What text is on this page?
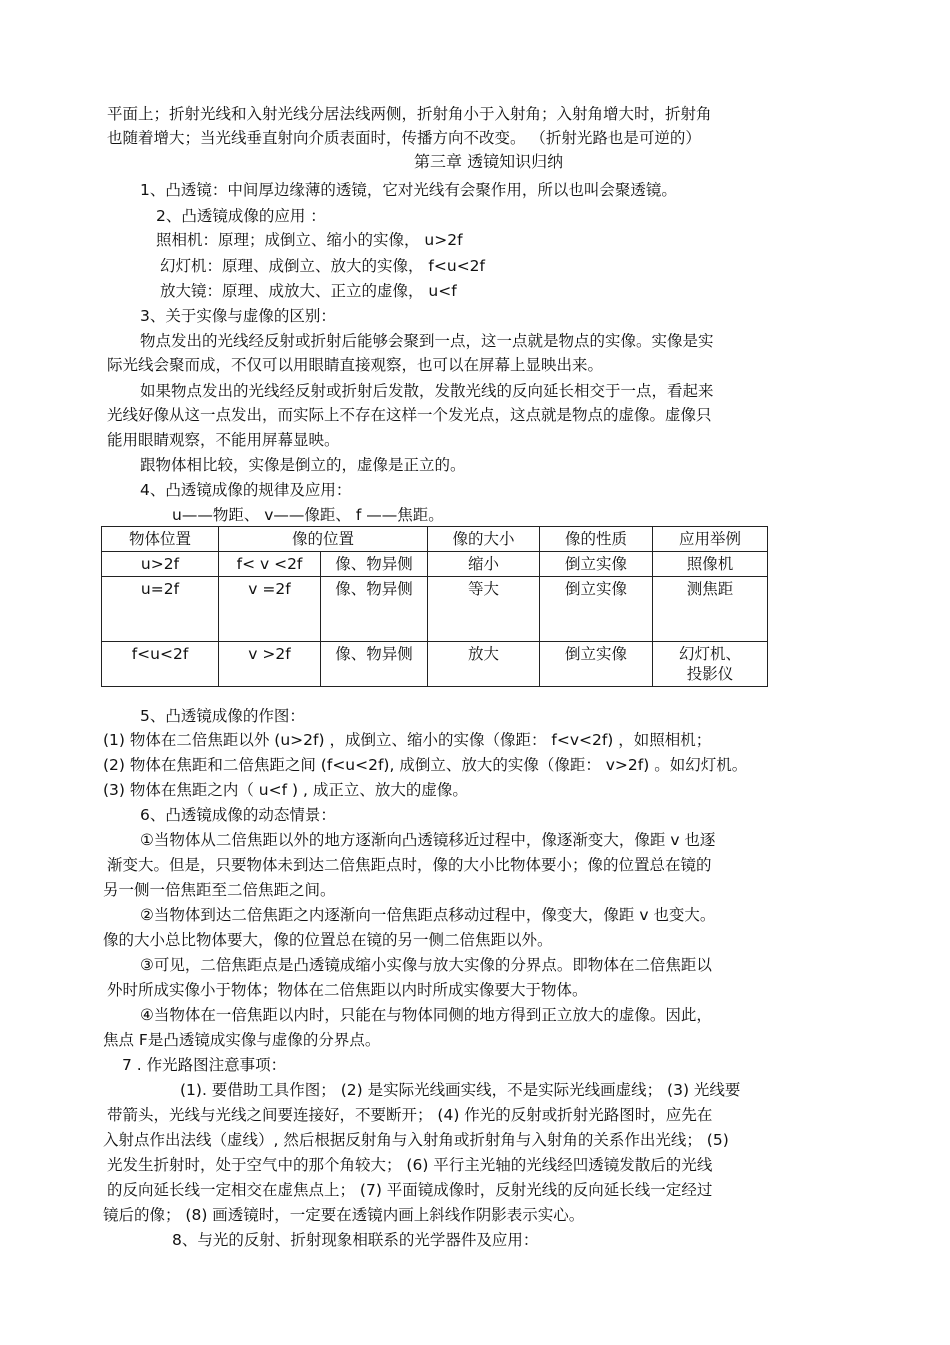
平面上；折射光线和入射光线分居法线两侧，折射角小于入射角；入射角增大时，折射角
也随着增大；当光线垂直射向介质表面时，传播方向不改变。 （折射光路也是可逆的）
第三章 透镜知识归纳
1、凸透镜：中间厚边缘薄的透镜，它对光线有会聚作用，所以也叫会聚透镜。
2、凸透镜成像的应用 ：
照相机：原理；成倒立、缩小的实像， u>2f
幻灯机：原理、成倒立、放大的实像， f<u<2f
放大镜：原理、成放大、正立的虚像， u<f
3、关于实像与虚像的区别：
物点发出的光线经反射或折射后能够会聚到一点，这一点就是物点的实像。实像是实
际光线会聚而成，不仅可以用眼睛直接观察，也可以在屏幕上显映出来。
如果物点发出的光线经反射或折射后发散，发散光线的反向延长相交于一点，看起来
光线好像从这一点发出，而实际上不存在这样一个发光点，这点就是物点的虚像。虚像只
能用眼睛观察，不能用屏幕显映。
跟物体相比较，实像是倒立的，虚像是正立的。
4、凸透镜成像的规律及应用：
u——物距、 v——像距、 f ——焦距。
物体位置	像的位置		像的大小	像的性质	应用举例
u>2f	f< v <2f	像、物异侧	缩小	倒立实像	照像机
u=2f	v =2f	像、物异侧	等大	倒立实像	测焦距
f<u<2f	v >2f	像、物异侧	放大	倒立实像	幻灯机、投影仪
5、凸透镜成像的作图：
(1) 物体在二倍焦距以外 (u>2f) ，成倒立、缩小的实像（像距： f<v<2f) ，如照相机；
(2) 物体在焦距和二倍焦距之间 (f<u<2f), 成倒立、放大的实像（像距： v>2f) 。如幻灯机。
(3) 物体在焦距之内（ u<f ) , 成正立、放大的虚像。
6、凸透镜成像的动态情景：
①当物体从二倍焦距以外的地方逐渐向凸透镜移近过程中，像逐渐变大，像距 v 也逐
渐变大。但是，只要物体未到达二倍焦距点时，像的大小比物体要小；像的位置总在镜的
另一侧一倍焦距至二倍焦距之间。
②当物体到达二倍焦距之内逐渐向一倍焦距点移动过程中，像变大，像距 v 也变大。
像的大小总比物体要大，像的位置总在镜的另一侧二倍焦距以外。
③可见，二倍焦距点是凸透镜成缩小实像与放大实像的分界点。即物体在二倍焦距以
外时所成实像小于物体；物体在二倍焦距以内时所成实像要大于物体。
④当物体在一倍焦距以内时，只能在与物体同侧的地方得到正立放大的虚像。因此，
焦点 F是凸透镜成实像与虚像的分界点。
7 . 作光路图注意事项：
(1). 要借助工具作图； (2) 是实际光线画实线，不是实际光线画虚线； (3) 光线要
带箭头，光线与光线之间要连接好，不要断开； (4) 作光的反射或折射光路图时，应先在
入射点作出法线（虚线）, 然后根据反射角与入射角或折射角与入射角的关系作出光线； (5)
光发生折射时，处于空气中的那个角较大； (6) 平行主光轴的光线经凹透镜发散后的光线
的反向延长线一定相交在虚焦点上； (7) 平面镜成像时，反射光线的反向延长线一定经过
镜后的像； (8) 画透镜时，一定要在透镜内画上斜线作阴影表示实心。
8、与光的反射、折射现象相联系的光学器件及应用：
